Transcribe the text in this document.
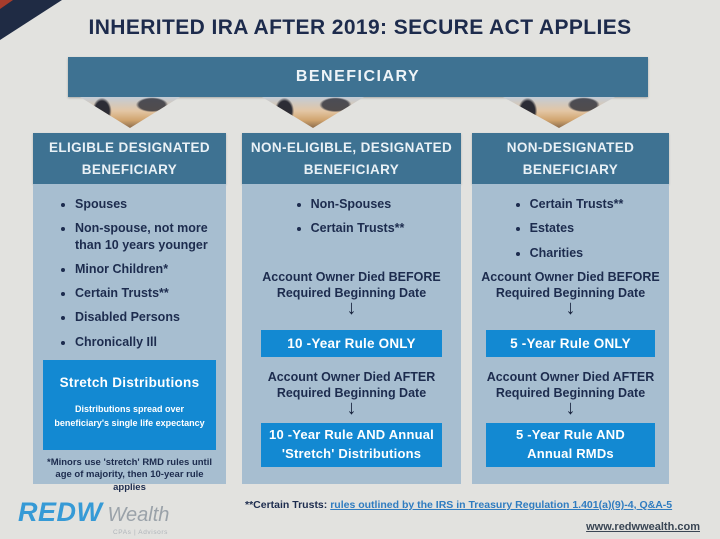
INHERITED IRA AFTER 2019: SECURE ACT APPLIES
BENEFICIARY
ELIGIBLE DESIGNATED BENEFICIARY
• Spouses
• Non-spouse, not more than 10 years younger
• Minor Children*
• Certain Trusts**
• Disabled Persons
• Chronically Ill
Stretch Distributions
Distributions spread over beneficiary's single life expectancy
*Minors use 'stretch' RMD rules until age of majority, then 10-year rule applies
NON-ELIGIBLE, DESIGNATED BENEFICIARY
• Non-Spouses
• Certain Trusts**
Account Owner Died BEFORE Required Beginning Date
↓
10 -Year Rule ONLY
Account Owner Died AFTER Required Beginning Date
↓
10 -Year Rule AND Annual 'Stretch' Distributions
NON-DESIGNATED BENEFICIARY
• Certain Trusts**
• Estates
• Charities
Account Owner Died BEFORE Required Beginning Date
↓
5 -Year Rule ONLY
Account Owner Died AFTER Required Beginning Date
↓
5 -Year Rule AND Annual RMDs
REDW Wealth
CPAs | Advisors
**Certain Trusts: rules outlined by the IRS in Treasury Regulation 1.401(a)(9)-4, Q&A-5
www.redwwealth.com
